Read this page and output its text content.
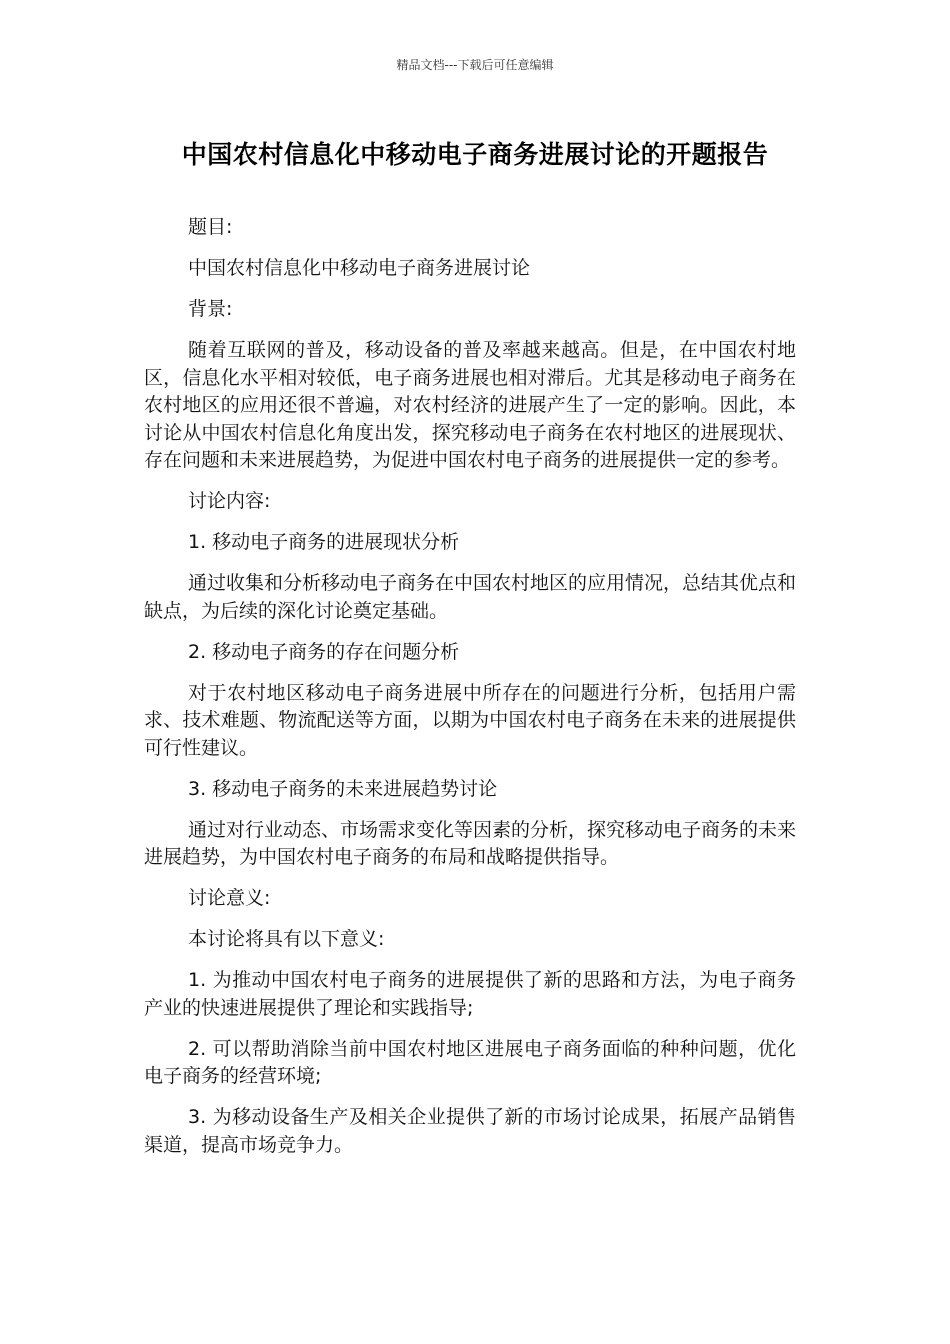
精品文档---下载后可任意编辑
中国农村信息化中移动电子商务进展讨论的开题报告

题目:

中国农村信息化中移动电子商务进展讨论

背景:

随着互联网的普及，移动设备的普及率越来越高。但是，在中国农村地区，信息化水平相对较低，电子商务进展也相对滞后。尤其是移动电子商务在农村地区的应用还很不普遍，对农村经济的进展产生了一定的影响。因此，本讨论从中国农村信息化角度出发，探究移动电子商务在农村地区的进展现状、存在问题和未来进展趋势，为促进中国农村电子商务的进展提供一定的参考。

讨论内容:

1. 移动电子商务的进展现状分析

通过收集和分析移动电子商务在中国农村地区的应用情况，总结其优点和缺点，为后续的深化讨论奠定基础。

2. 移动电子商务的存在问题分析

对于农村地区移动电子商务进展中所存在的问题进行分析，包括用户需求、技术难题、物流配送等方面，以期为中国农村电子商务在未来的进展提供可行性建议。

3. 移动电子商务的未来进展趋势讨论

通过对行业动态、市场需求变化等因素的分析，探究移动电子商务的未来进展趋势，为中国农村电子商务的布局和战略提供指导。

讨论意义:

本讨论将具有以下意义:

1. 为推动中国农村电子商务的进展提供了新的思路和方法，为电子商务产业的快速进展提供了理论和实践指导;

2. 可以帮助消除当前中国农村地区进展电子商务面临的种种问题，优化电子商务的经营环境;

3. 为移动设备生产及相关企业提供了新的市场讨论成果，拓展产品销售渠道，提高市场竞争力。
